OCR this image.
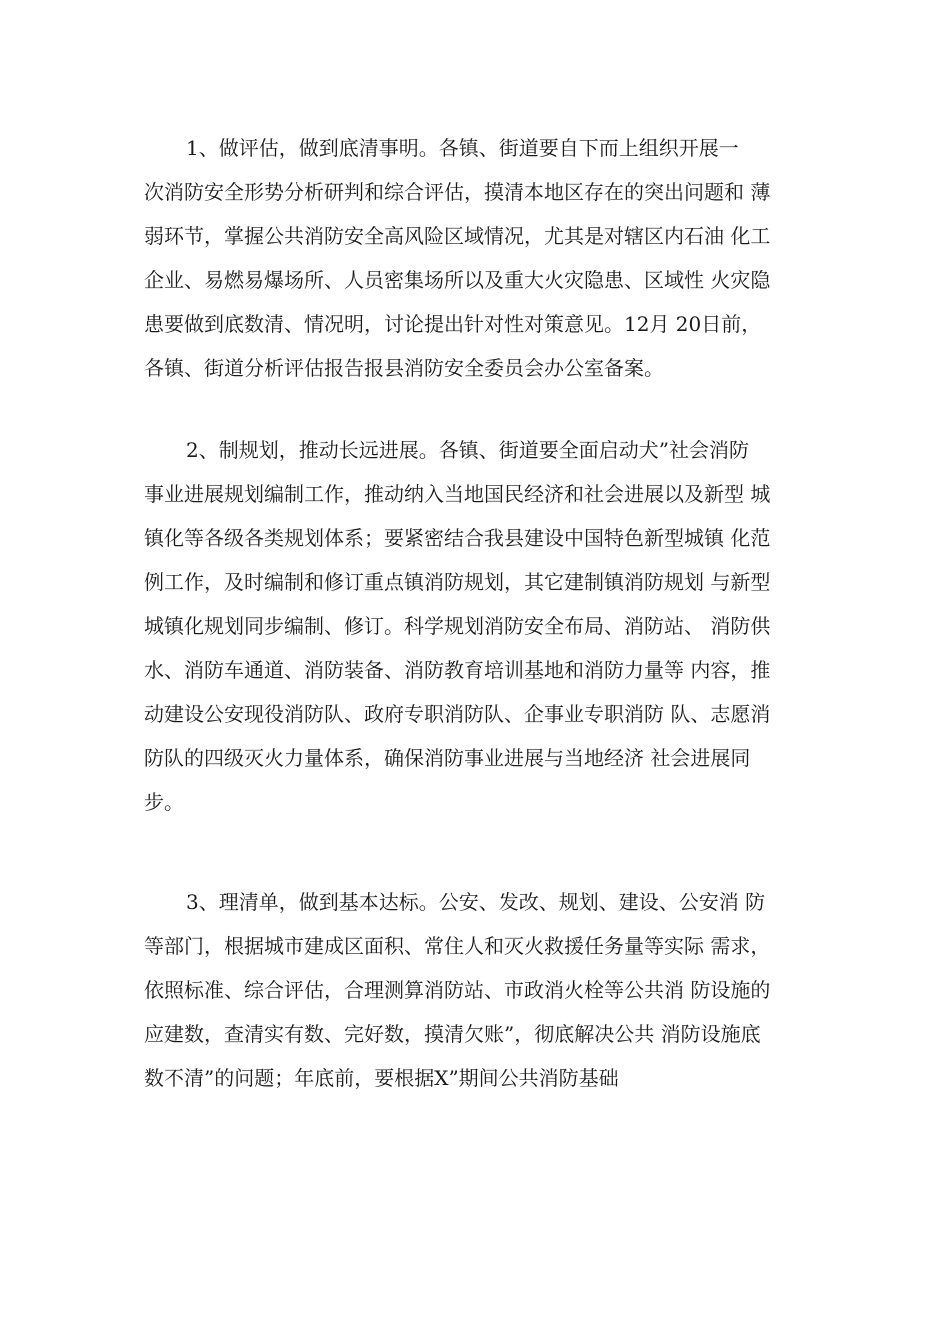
1、做评估，做到底清事明。各镇、街道要自下而上组织开展一
次消防安全形势分析研判和综合评估，摸清本地区存在的突出问题和 薄
弱环节，掌握公共消防安全高风险区域情况，尤其是对辖区内石油 化工
企业、易燃易爆场所、人员密集场所以及重大火灾隐患、区域性 火灾隐
患要做到底数清、情况明，讨论提出针对性对策意见。12月 20日前，
各镇、街道分析评估报告报县消防安全委员会办公室备案。

2、制规划，推动长远进展。各镇、街道要全面启动犬”社会消防
事业进展规划编制工作，推动纳入当地国民经济和社会进展以及新型 城
镇化等各级各类规划体系；要紧密结合我县建设中国特色新型城镇 化范
例工作，及时编制和修订重点镇消防规划，其它建制镇消防规划 与新型
城镇化规划同步编制、修订。科学规划消防安全布局、消防站、 消防供
水、消防车通道、消防装备、消防教育培训基地和消防力量等 内容，推
动建设公安现役消防队、政府专职消防队、企事业专职消防 队、志愿消
防队的四级灭火力量体系，确保消防事业进展与当地经济 社会进展同
步。

3、理清单，做到基本达标。公安、发改、规划、建设、公安消 防
等部门，根据城市建成区面积、常住人和灭火救援任务量等实际 需求，
依照标准、综合评估，合理测算消防站、市政消火栓等公共消 防设施的
应建数，查清实有数、完好数，摸清欠账”，彻底解决公共 消防设施底
数不清”的问题；年底前，要根据X”期间公共消防基础
